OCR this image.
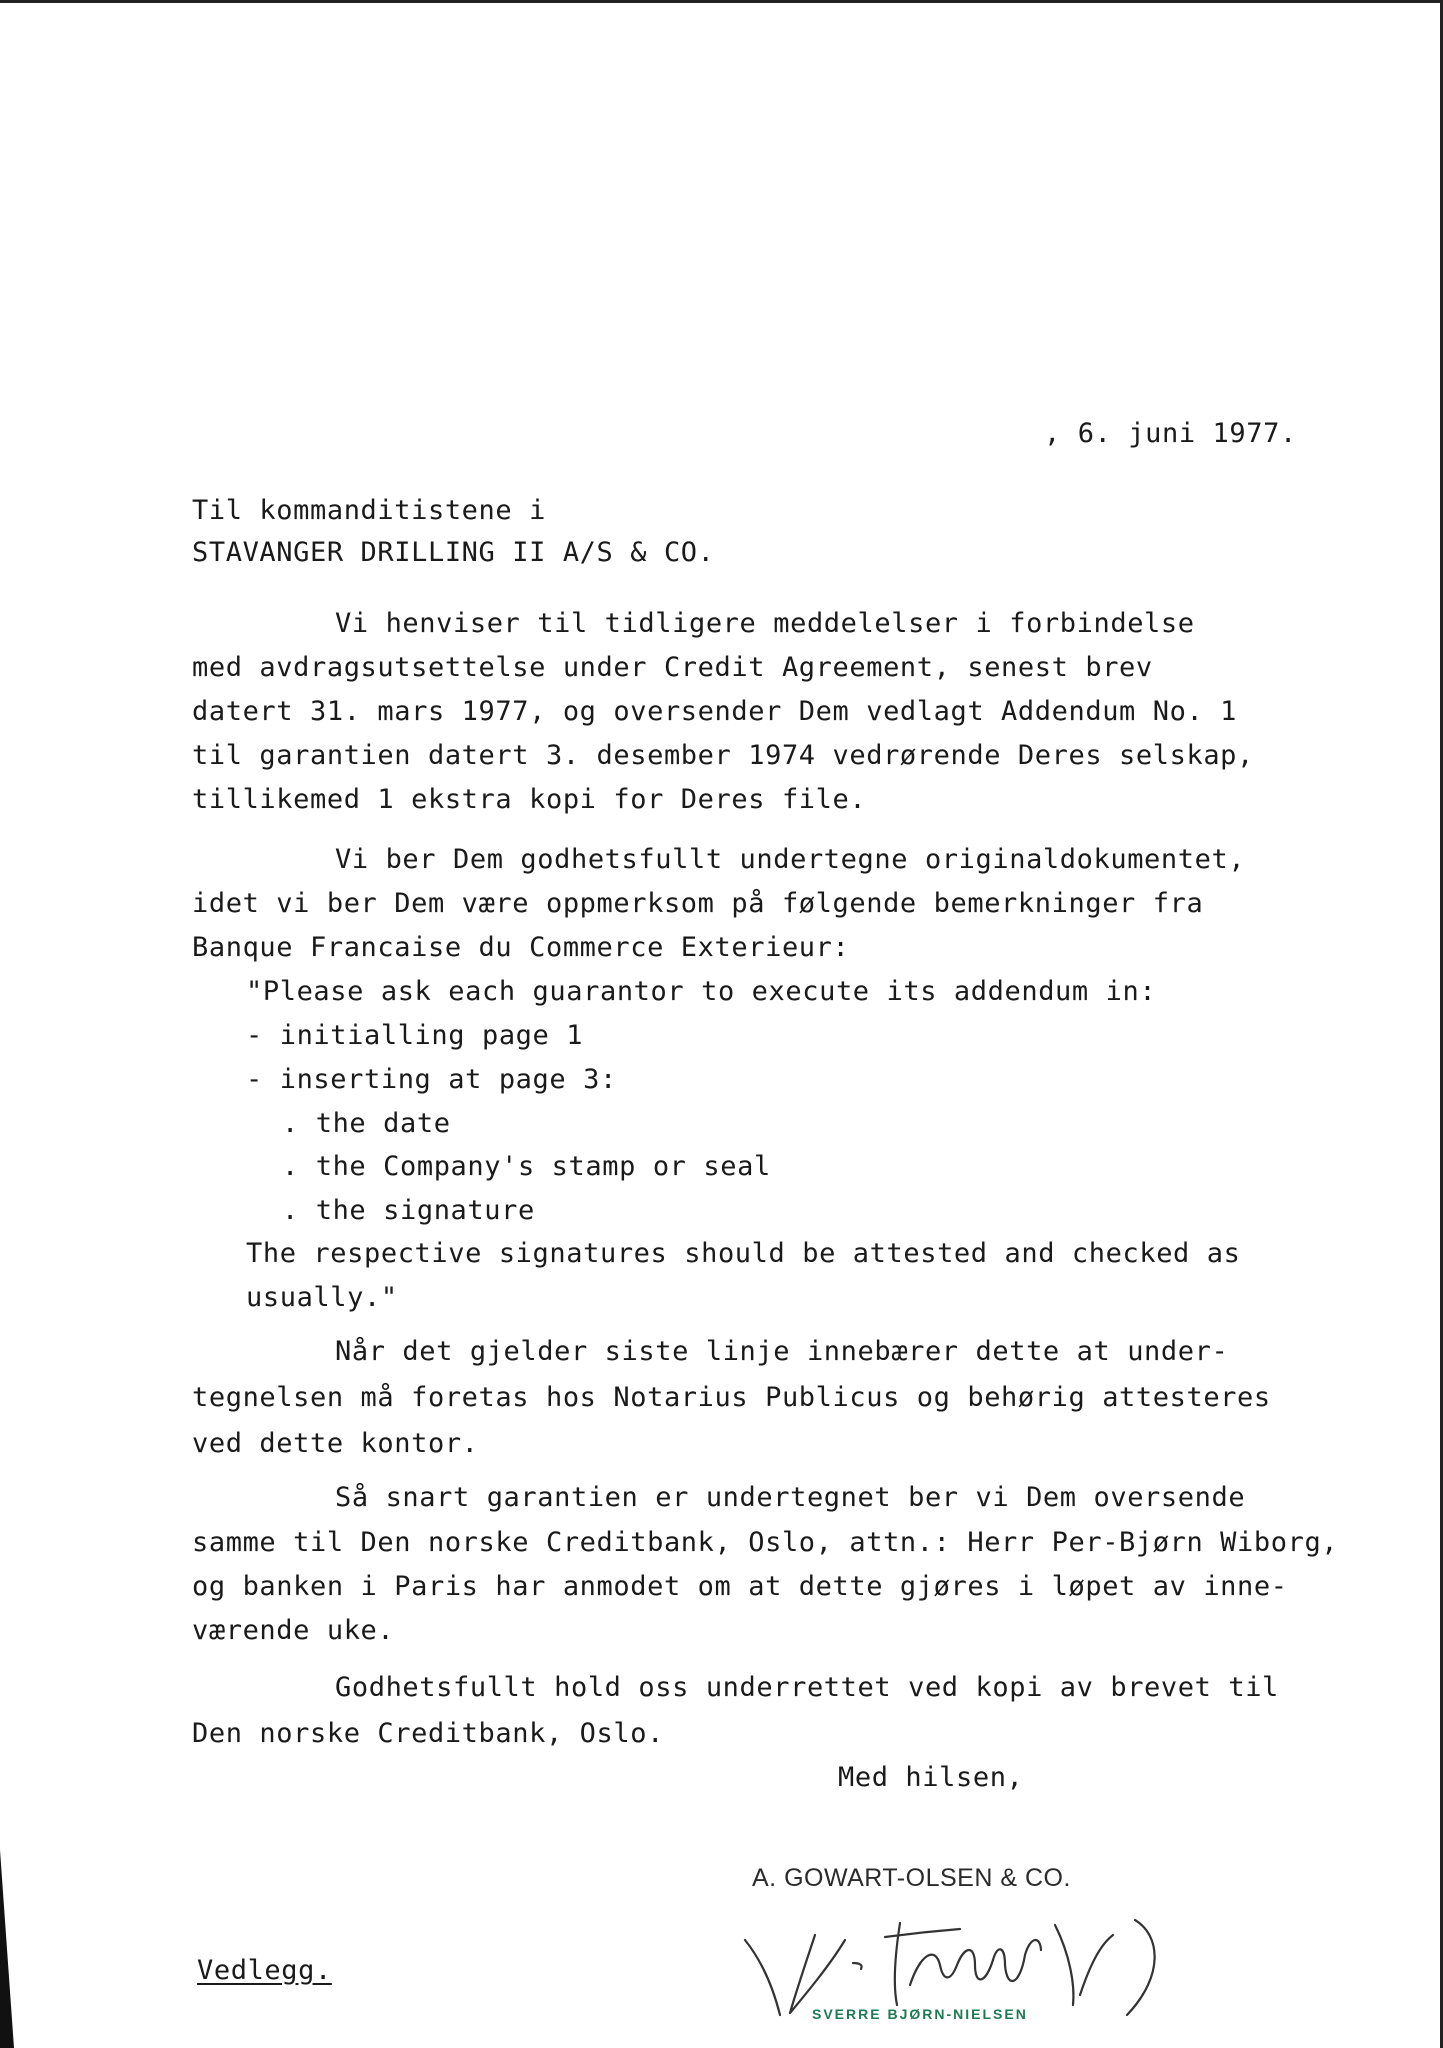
, 6. juni 1977.
Til kommanditistene i
STAVANGER DRILLING II A/S & CO.
Vi henviser til tidligere meddelelser i forbindelse
med avdragsutsettelse under Credit Agreement, senest brev
datert 31. mars 1977, og oversender Dem vedlagt Addendum No. 1
til garantien datert 3. desember 1974 vedrørende Deres selskap,
tillikemed 1 ekstra kopi for Deres file.
Vi ber Dem godhetsfullt undertegne originaldokumentet,
idet vi ber Dem være oppmerksom på følgende bemerkninger fra
Banque Francaise du Commerce Exterieur:
"Please ask each guarantor to execute its addendum in:
- initialling page 1
- inserting at page 3:
. the date
. the Company's stamp or seal
. the signature
The respective signatures should be attested and checked as
usually."
Når det gjelder siste linje innebærer dette at under-
tegnelsen må foretas hos Notarius Publicus og behørig attesteres
ved dette kontor.
Så snart garantien er undertegnet ber vi Dem oversende
samme til Den norske Creditbank, Oslo, attn.: Herr Per-Bjørn Wiborg,
og banken i Paris har anmodet om at dette gjøres i løpet av inne-
værende uke.
Godhetsfullt hold oss underrettet ved kopi av brevet til
Den norske Creditbank, Oslo.
Med hilsen,
A. GOWART-OLSEN & CO.
SVERRE BJØRN-NIELSEN
Vedlegg.
